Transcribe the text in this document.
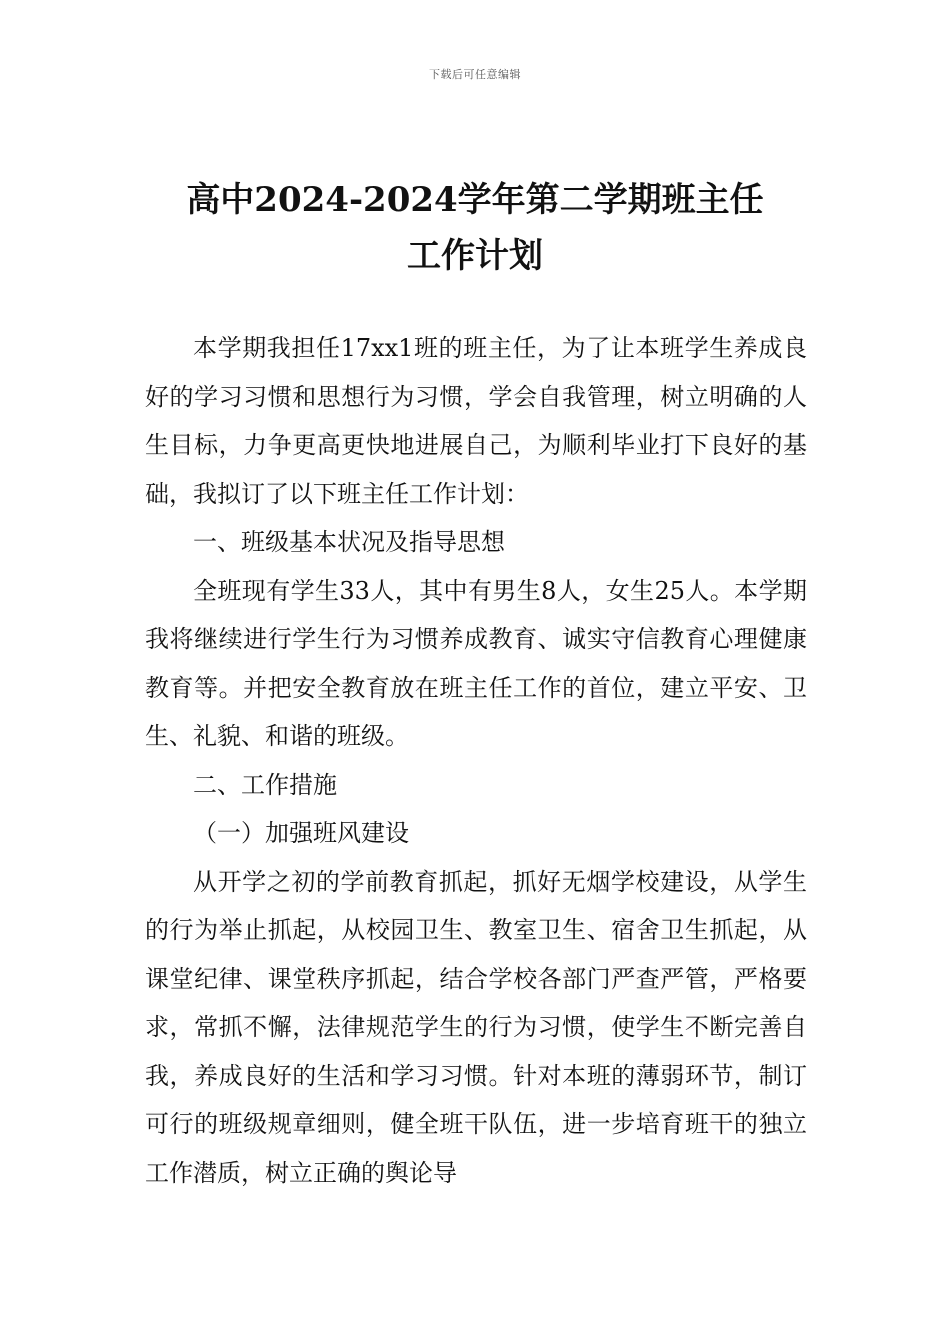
下载后可任意编辑
高中2024-2024学年第二学期班主任
工作计划

本学期我担任17xx1班的班主任，为了让本班学生养成良好的学习习惯和思想行为习惯，学会自我管理，树立明确的人生目标，力争更高更快地进展自己，为顺利毕业打下良好的基础，我拟订了以下班主任工作计划：

一、班级基本状况及指导思想

全班现有学生33人，其中有男生8人，女生25人。本学期我将继续进行学生行为习惯养成教育、诚实守信教育心理健康教育等。并把安全教育放在班主任工作的首位，建立平安、卫生、礼貌、和谐的班级。

二、工作措施

（一）加强班风建设

从开学之初的学前教育抓起，抓好无烟学校建设，从学生的行为举止抓起，从校园卫生、教室卫生、宿舍卫生抓起，从课堂纪律、课堂秩序抓起，结合学校各部门严查严管，严格要求，常抓不懈，法律规范学生的行为习惯，使学生不断完善自我，养成良好的生活和学习习惯。针对本班的薄弱环节，制订可行的班级规章细则，健全班干队伍，进一步培育班干的独立工作潜质，树立正确的舆论导
